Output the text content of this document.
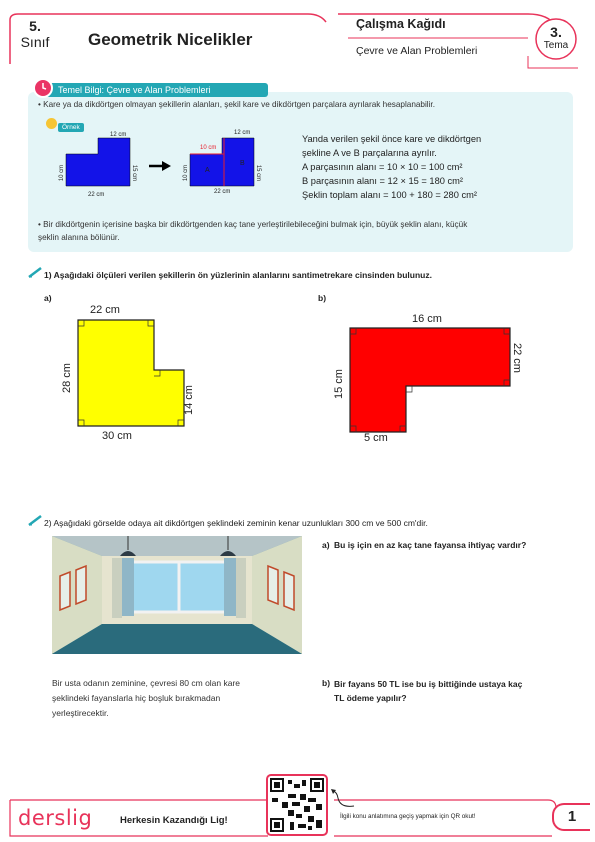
5.
Sınıf	Geometrik Nicelikler
Çalışma Kağıdı
Çevre ve Alan Problemleri
3.
Tema
Temel Bilgi: Çevre ve Alan Problemleri
• Kare ya da dikdörtgen olmayan şekillerin alanları, şekil kare ve dikdörtgen parçalara ayrılarak hesaplanabilir.
Örnek
12 cm
10 cm	15 cm
22 cm
12 cm
10 cm
10 cm	15 cm
22 cm
A
B
Yanda verilen şekil önce kare ve dikdörtgen
şekline A ve B parçalarına ayrılır.
A parçasının alanı = 10 × 10 = 100 cm²
B parçasının alanı = 12 × 15 = 180 cm²
Şeklin toplam alanı = 100 + 180 = 280 cm²
• Bir dikdörtgenin içerisine başka bir dikdörtgenden kaç tane yerleştirilebileceğini bulmak için, büyük şeklin alanı, küçük
şeklin alanına bölünür.
1) Aşağıdaki ölçüleri verilen şekillerin ön yüzlerinin alanlarını santimetrekare cinsinden bulunuz.
a)	b)
22 cm
28 cm
14 cm
30 cm
16 cm
15 cm
22 cm
5 cm
2) Aşağıdaki görselde odaya ait dikdörtgen şeklindeki zeminin kenar uzunlukları 300 cm ve 500 cm'dir.
a) Bu iş için en az kaç tane fayansa ihtiyaç vardır?
Bir usta odanın zeminine, çevresi 80 cm olan kare
şeklindeki fayanslarla hiç boşluk bırakmadan
yerleştirecektir.
b) Bir fayans 50 TL ise bu iş bittiğinde ustaya kaç
TL ödeme yapılır?
derslig	Herkesin Kazandığı Lig!	İlgili konu anlatımına geçiş yapmak için QR okut!	1
